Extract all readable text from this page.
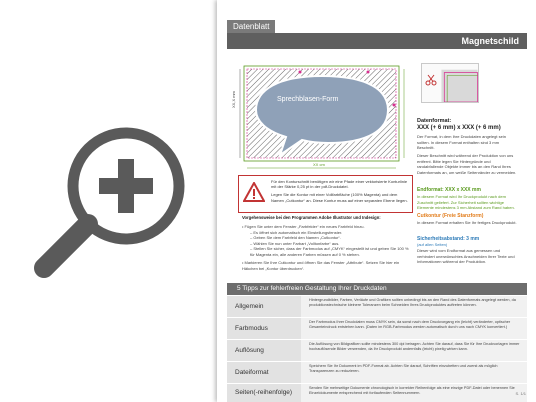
Datenblatt
Magnetschild
Sprechblasen-Form
XX cm
XX,X mm
Datenformat:
XXX (+ 6 mm) x XXX (+ 6 mm)
Der Format, in dem Ihre Druckdaten angelegt sein sollten. In diesem Format enthalten sind 3 mm Beschnitt.
Dieser Beschnitt wird während der Produktion von uns entfernt. Bitte legen Sie Hintergründe und randabfallende Objekte immer bis an den Rand Ihres Datenformats an, um weiße Seitenränder zu vermeiden.
Endformat: XXX x XXX mm
In diesem Format wird Ihr Druckprodukt nach dem Zuschnitt geliefert. Zur Sicherheit sollten wichtige Elemente mindestens 3 mm Abstand zum Rand haben.
Cutkontur (Freie Stanzform)
In diesem Format erhalten Sie Ihr fertiges Druckprodukt.
Sicherheitsabstand: 3 mm
(auf allen Seiten)
Dieser wird vom Endformat aus gemessen und verhindert unerwünschtes Anschneiden Ihrer Texte und Informationen während der Produktion.
Für den Konturschnitt benötigen wir eine Pfade einer vektorisierte Konturlinie mit der Stärke 0,25 pt in der pdf-Druckdatei.
Legen Sie die Kontur mit einer Vollfarbfläche (100% Magenta) und dem Namen „Cutkontur“ an. Diese Kontur muss auf einer separaten Ebene liegen.
Vorgehensweise bei den Programmen Adobe Illustrator und Indesign:
• Fügen Sie unter dem Fenster „Farbfelder“ ein neues Farbfeld hinzu.
– Es öffnet sich automatisch ein Einstellungsfenster.
– Geben Sie dem Farbfeld den Namen „Cutkontur“.
– Wählen Sie nun unter Farbart „Volltonfarbe“ aus.
– Stellen Sie sicher, dass der Farbmodus auf „CMYK“ eingestellt ist und geben Sie 100 % für Magenta ein, alle anderen Farben müssen auf 0 % stehen.
• Markieren Sie Ihre Cutkontur und öffnen Sie das Fenster „Attribute“. Setzen Sie hier ein Häkchen bei „Kontur überdrucken“.
5 Tipps zur fehlerfreien Gestaltung Ihrer Druckdaten
Allgemein
Hintergrundbilder, Farben, Verläufe und Grafiken sollten unbedingt bis an den Rand des Datenformats angelegt werden, da produktionstechnische kleinere Toleranzen beim Schneiden Ihres Druckproduktes auftreten können.
Farbmodus
Der Farbmodus Ihrer Druckdaten muss CMYK sein, da sonst nach dem Druckvorgang ein (leicht) veränderter, optischer Gesamteindruck entstehen kann. (Daten im RGB-Farbmodus werden automatisch durch uns nach CMYK konvertiert.)
Auflösung
Die Auflösung von Bildgrafiken sollte mindestens 300 dpi betragen. Achten Sie darauf, dass Sie für Ihre Druckvorlagen immer hochauflösende Bilder verwenden, da Ihr Druckprodukt andernfalls (leicht) pixelig wirken kann.
Dateiformat
Speichern Sie Ihr Dokument im PDF-Format ab. Achten Sie darauf, Schriften einzubetten und zuerst als möglich Transparenzen zu reduzieren.
Seiten(-reihenfolge)
Senden Sie mehrseitige Dokumente chronologisch in korrekter Reihenfolge als eine einzige PDF-Datei oder benennen Sie Einzeldokumente entsprechend mit fortlaufenden Seitennummern.	S. 1/1
